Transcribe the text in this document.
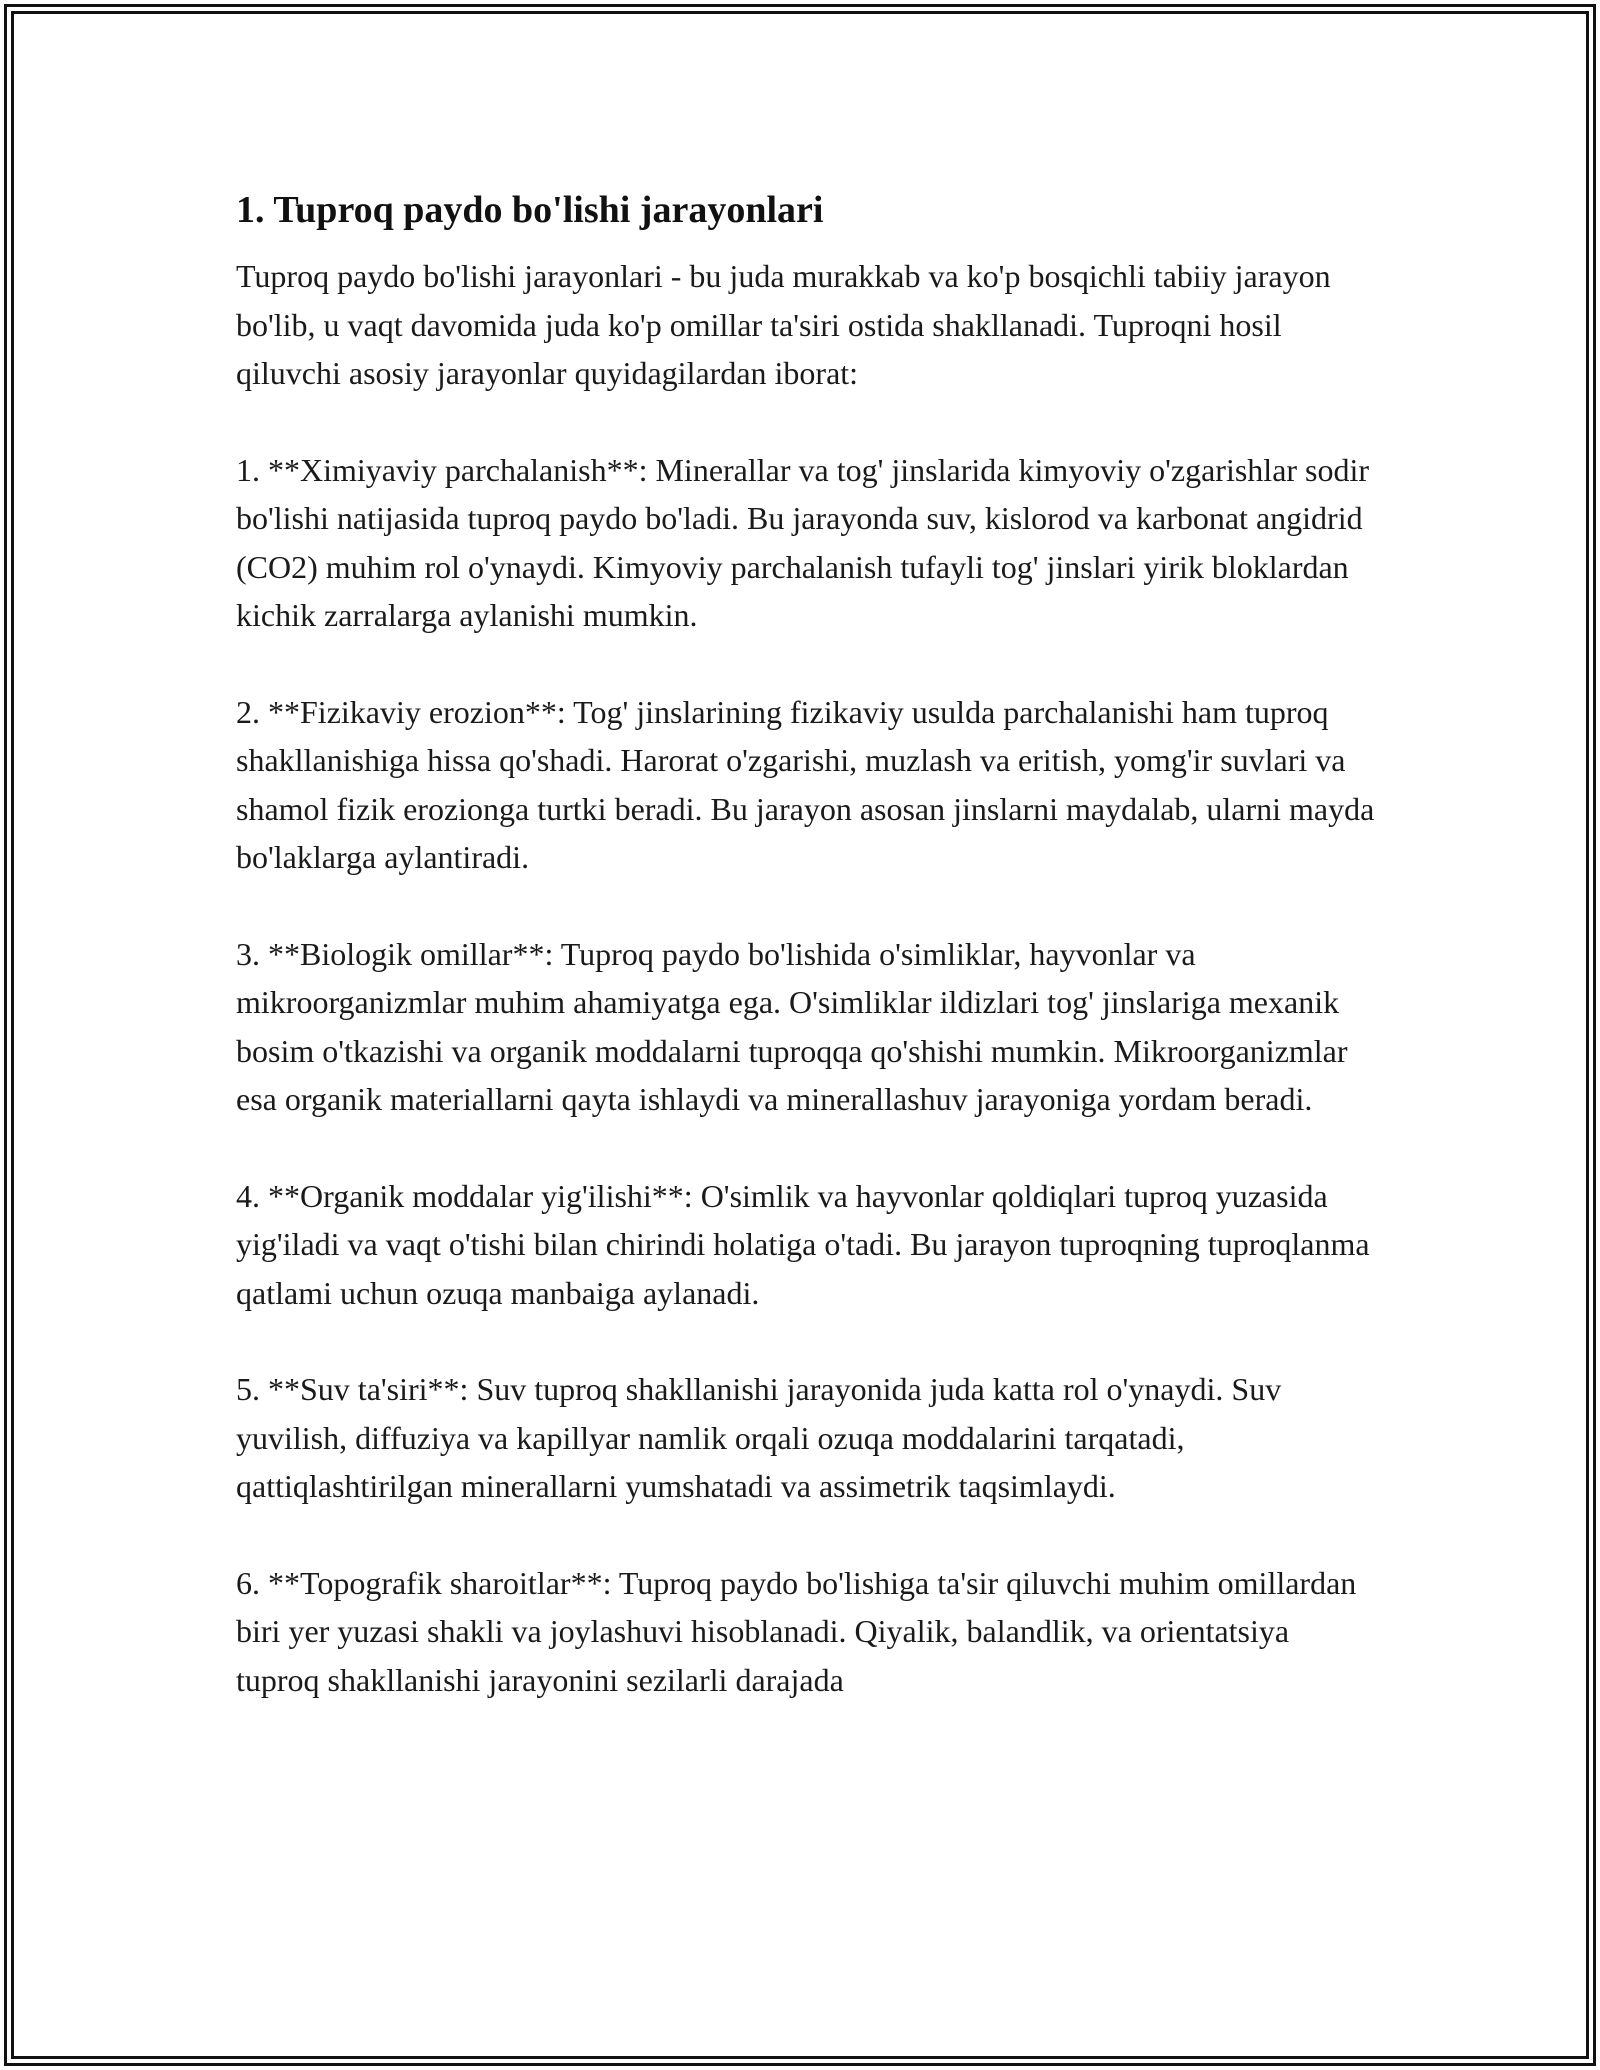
1. Tuproq paydo bo'lishi jarayonlari

Tuproq paydo bo'lishi jarayonlari - bu juda murakkab va ko'p bosqichli tabiiy jarayon bo'lib, u vaqt davomida juda ko'p omillar ta'siri ostida shakllanadi. Tuproqni hosil qiluvchi asosiy jarayonlar quyidagilardan iborat:

1. **Ximiyaviy parchalanish**: Minerallar va tog' jinslarida kimyoviy o'zgarishlar sodir bo'lishi natijasida tuproq paydo bo'ladi. Bu jarayonda suv, kislorod va karbonat angidrid (CO2) muhim rol o'ynaydi. Kimyoviy parchalanish tufayli tog' jinslari yirik bloklardan kichik zarralarga aylanishi mumkin.

2. **Fizikaviy erozion**: Tog' jinslarining fizikaviy usulda parchalanishi ham tuproq shakllanishiga hissa qo'shadi. Harorat o'zgarishi, muzlash va eritish, yomg'ir suvlari va shamol fizik erozionga turtki beradi. Bu jarayon asosan jinslarni maydalab, ularni mayda bo'laklarga aylantiradi.

3. **Biologik omillar**: Tuproq paydo bo'lishida o'simliklar, hayvonlar va mikroorganizmlar muhim ahamiyatga ega. O'simliklar ildizlari tog' jinslariga mexanik bosim o'tkazishi va organik moddalarni tuproqqa qo'shishi mumkin. Mikroorganizmlar esa organik materiallarni qayta ishlaydi va minerallashuv jarayoniga yordam beradi.

4. **Organik moddalar yig'ilishi**: O'simlik va hayvonlar qoldiqlari tuproq yuzasida yig'iladi va vaqt o'tishi bilan chirindi holatiga o'tadi. Bu jarayon tuproqning tuproqlanma qatlami uchun ozuqa manbaiga aylanadi.

5. **Suv ta'siri**: Suv tuproq shakllanishi jarayonida juda katta rol o'ynaydi. Suv yuvilish, diffuziya va kapillyar namlik orqali ozuqa moddalarini tarqatadi, qattiqlashtirilgan minerallarni yumshatadi va assimetrik taqsimlaydi.

6. **Topografik sharoitlar**: Tuproq paydo bo'lishiga ta'sir qiluvchi muhim omillardan biri yer yuzasi shakli va joylashuvi hisoblanadi. Qiyalik, balandlik, va orientatsiya tuproq shakllanishi jarayonini sezilarli darajada
